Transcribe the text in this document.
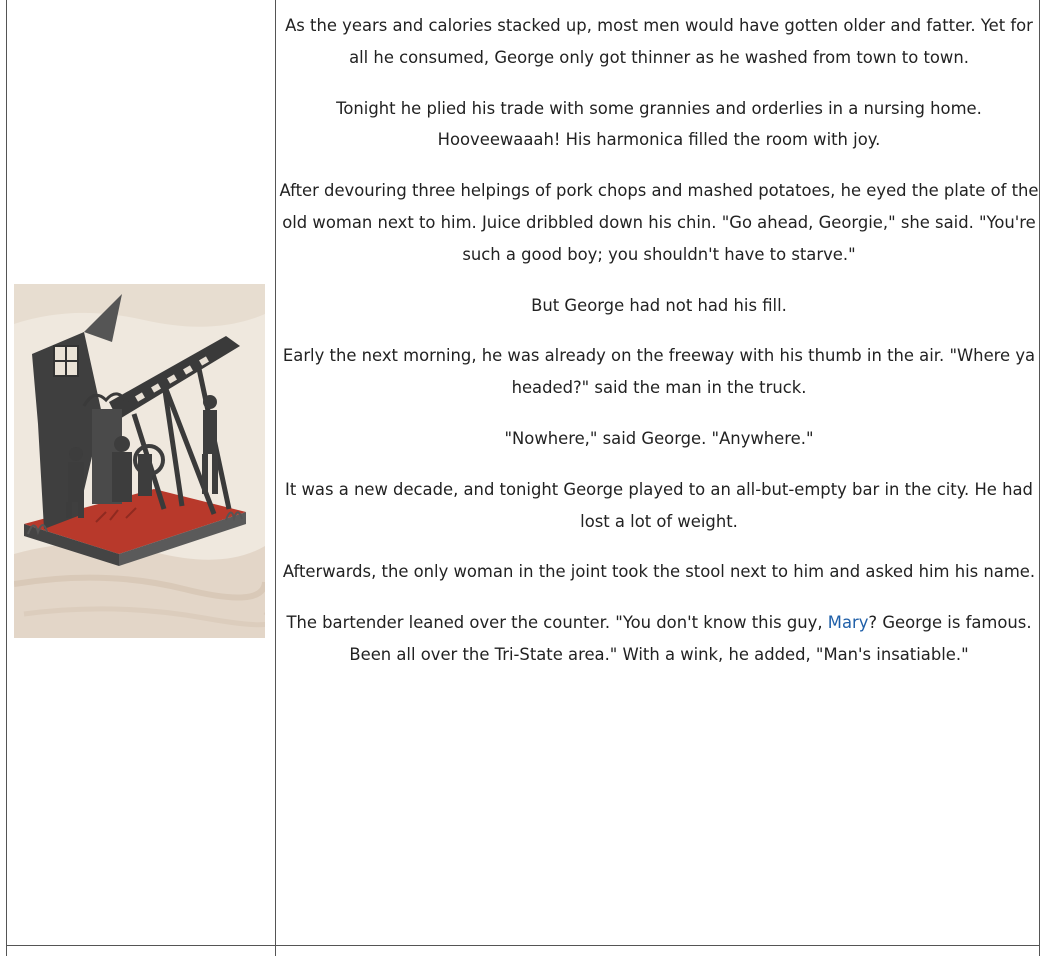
As the years and calories stacked up, most men would have gotten older and fatter. Yet for all he consumed, George only got thinner as he washed from town to town.

Tonight he plied his trade with some grannies and orderlies in a nursing home. Hooveewaaah! His harmonica filled the room with joy.

After devouring three helpings of pork chops and mashed potatoes, he eyed the plate of the old woman next to him. Juice dribbled down his chin. "Go ahead, Georgie," she said. "You're such a good boy; you shouldn't have to starve."

But George had not had his fill.

Early the next morning, he was already on the freeway with his thumb in the air. "Where ya headed?" said the man in the truck.

"Nowhere," said George. "Anywhere."

It was a new decade, and tonight George played to an all-but-empty bar in the city. He had lost a lot of weight.

Afterwards, the only woman in the joint took the stool next to him and asked him his name.

The bartender leaned over the counter. "You don't know this guy, Mary? George is famous. Been all over the Tri-State area." With a wink, he added, "Man's insatiable."
